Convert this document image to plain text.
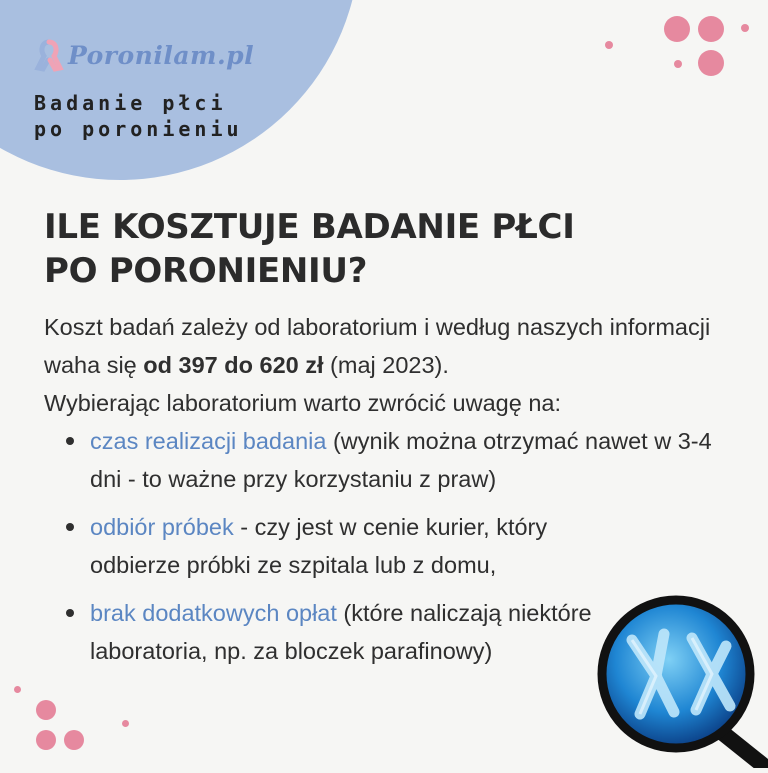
Poronilam.pl
Badanie płci
po poronieniu
ILE KOSZTUJE BADANIE PŁCI
PO PORONIENIU?

Koszt badań zależy od laboratorium i według naszych informacji waha się od 397 do 620 zł (maj 2023).

Wybierając laboratorium warto zwrócić uwagę na:

czas realizacji badania (wynik można otrzymać nawet w 3-4 dni - to ważne przy korzystaniu z praw)
odbiór próbek - czy jest w cenie kurier, który odbierze próbki ze szpitala lub z domu,
brak dodatkowych opłat (które naliczają niektóre laboratoria, np. za bloczek parafinowy)
